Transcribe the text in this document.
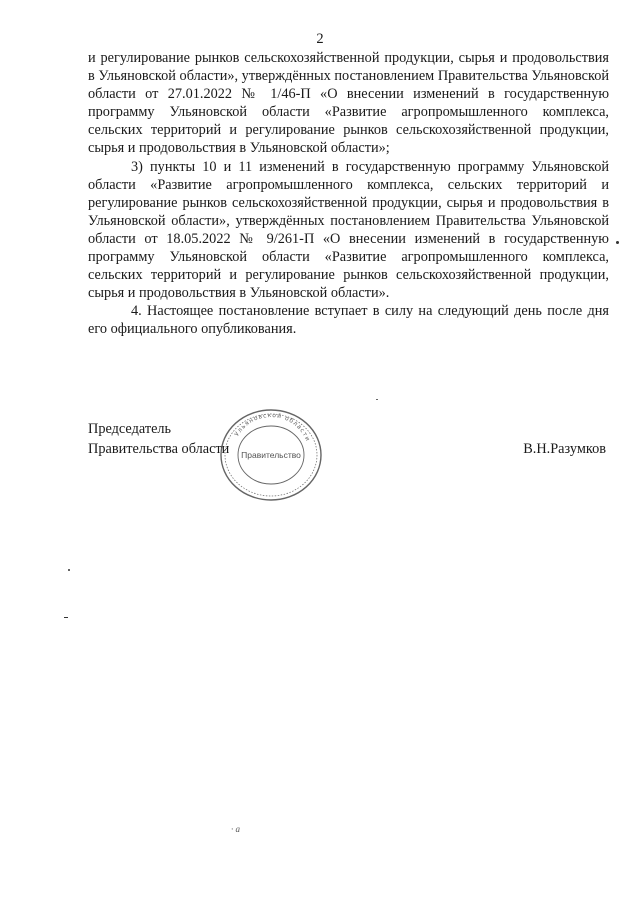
2

и регулирование рынков сельскохозяйственной продукции, сырья и продовольствия в Ульяновской области», утверждённых постановлением Правительства Ульяновской области от 27.01.2022 № 1/46-П «О внесении изменений в государственную программу Ульяновской области «Развитие агропромышленного комплекса, сельских территорий и регулирование рынков сельскохозяйственной продукции, сырья и продовольствия в Ульяновской области»;

3) пункты 10 и 11 изменений в государственную программу Ульяновской области «Развитие агропромышленного комплекса, сельских территорий и регулирование рынков сельскохозяйственной продукции, сырья и продовольствия в Ульяновской области», утверждённых постановлением Правительства Ульяновской области от 18.05.2022 № 9/261-П «О внесении изменений в государственную программу Ульяновской области «Развитие агропромышленного комплекса, сельских территорий и регулирование рынков сельскохозяйственной продукции, сырья и продовольствия в Ульяновской области».

4. Настоящее постановление вступает в силу на следующий день после дня его официального опубликования.

Председатель
Правительства области	В.Н.Разумков
Ульяновской области
Правительство
· a
